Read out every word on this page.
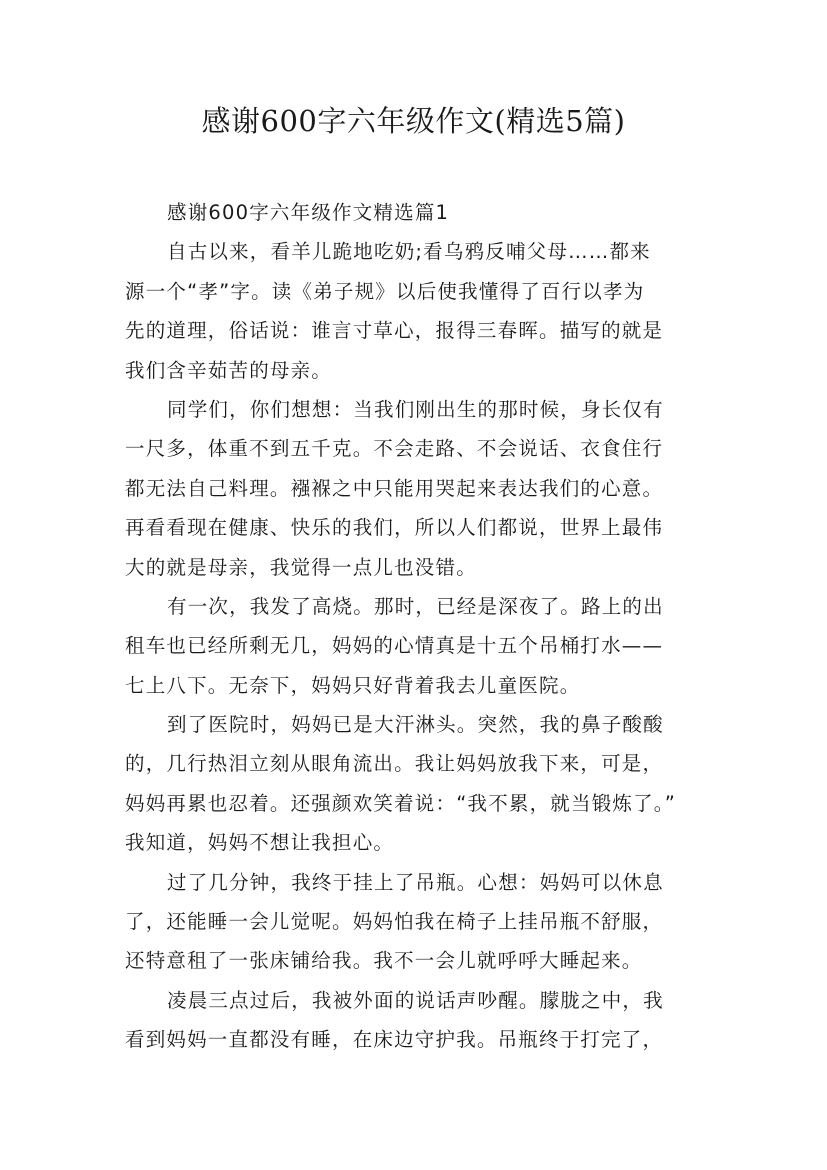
感谢600字六年级作文(精选5篇)
感谢600字六年级作文精选篇1
自古以来，看羊儿跪地吃奶;看乌鸦反哺父母……都来
源一个“孝”字。读《弟子规》以后使我懂得了百行以孝为
先的道理，俗话说：谁言寸草心，报得三春晖。描写的就是
我们含辛茹苦的母亲。
同学们，你们想想：当我们刚出生的那时候，身长仅有
一尺多，体重不到五千克。不会走路、不会说话、衣食住行
都无法自己料理。襁褓之中只能用哭起来表达我们的心意。
再看看现在健康、快乐的我们，所以人们都说，世界上最伟
大的就是母亲，我觉得一点儿也没错。
有一次，我发了高烧。那时，已经是深夜了。路上的出
租车也已经所剩无几，妈妈的心情真是十五个吊桶打水——
七上八下。无奈下，妈妈只好背着我去儿童医院。
到了医院时，妈妈已是大汗淋头。突然，我的鼻子酸酸
的，几行热泪立刻从眼角流出。我让妈妈放我下来，可是，
妈妈再累也忍着。还强颜欢笑着说：“我不累，就当锻炼了。”
我知道，妈妈不想让我担心。
过了几分钟，我终于挂上了吊瓶。心想：妈妈可以休息
了，还能睡一会儿觉呢。妈妈怕我在椅子上挂吊瓶不舒服，
还特意租了一张床铺给我。我不一会儿就呼呼大睡起来。
凌晨三点过后，我被外面的说话声吵醒。朦胧之中，我
看到妈妈一直都没有睡，在床边守护我。吊瓶终于打完了，
